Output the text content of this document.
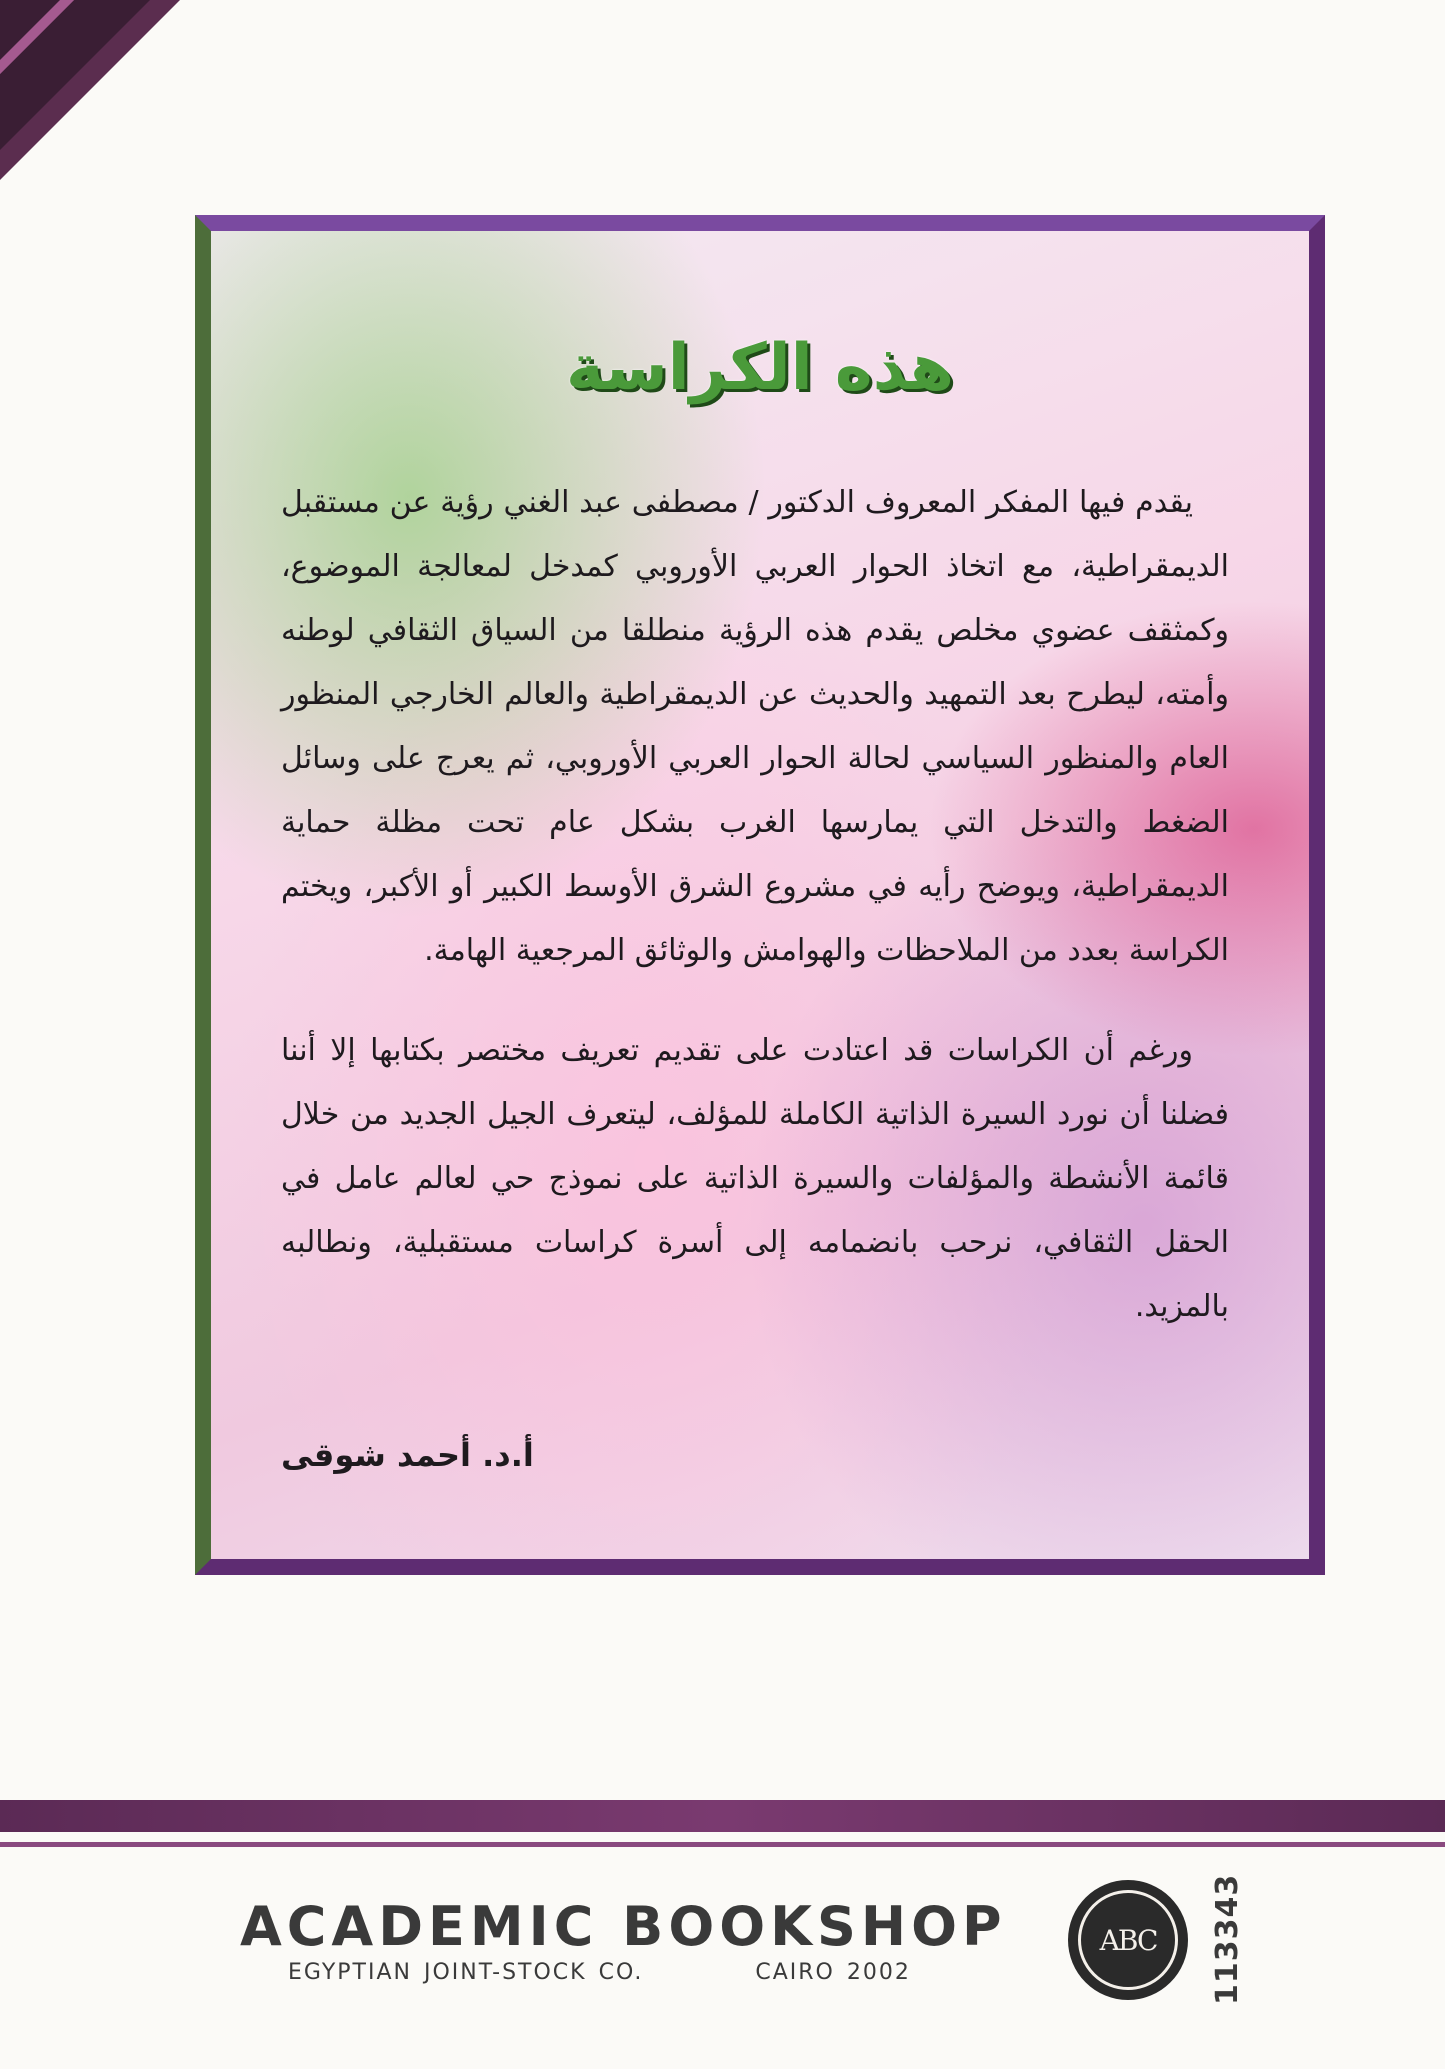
هذه الكراسة

يقدم فيها المفكر المعروف الدكتور / مصطفى عبد الغني رؤية عن مستقبل الديمقراطية، مع اتخاذ الحوار العربي الأوروبي كمدخل لمعالجة الموضوع، وكمثقف عضوي مخلص يقدم هذه الرؤية منطلقا من السياق الثقافي لوطنه وأمته، ليطرح بعد التمهيد والحديث عن الديمقراطية والعالم الخارجي المنظور العام والمنظور السياسي لحالة الحوار العربي الأوروبي، ثم يعرج على وسائل الضغط والتدخل التي يمارسها الغرب بشكل عام تحت مظلة حماية الديمقراطية، ويوضح رأيه في مشروع الشرق الأوسط الكبير أو الأكبر، ويختم الكراسة بعدد من الملاحظات والهوامش والوثائق المرجعية الهامة.

ورغم أن الكراسات قد اعتادت على تقديم تعريف مختصر بكتابها إلا أننا فضلنا أن نورد السيرة الذاتية الكاملة للمؤلف، ليتعرف الجيل الجديد من خلال قائمة الأنشطة والمؤلفات والسيرة الذاتية على نموذج حي لعالم عامل في الحقل الثقافي، نرحب بانضمامه إلى أسرة كراسات مستقبلية، ونطالبه بالمزيد.

أ.د. أحمد شوقى
ACADEMIC BOOKSHOP
EGYPTIAN JOINT-STOCK CO.	CAIRO 2002
ABC	113343
